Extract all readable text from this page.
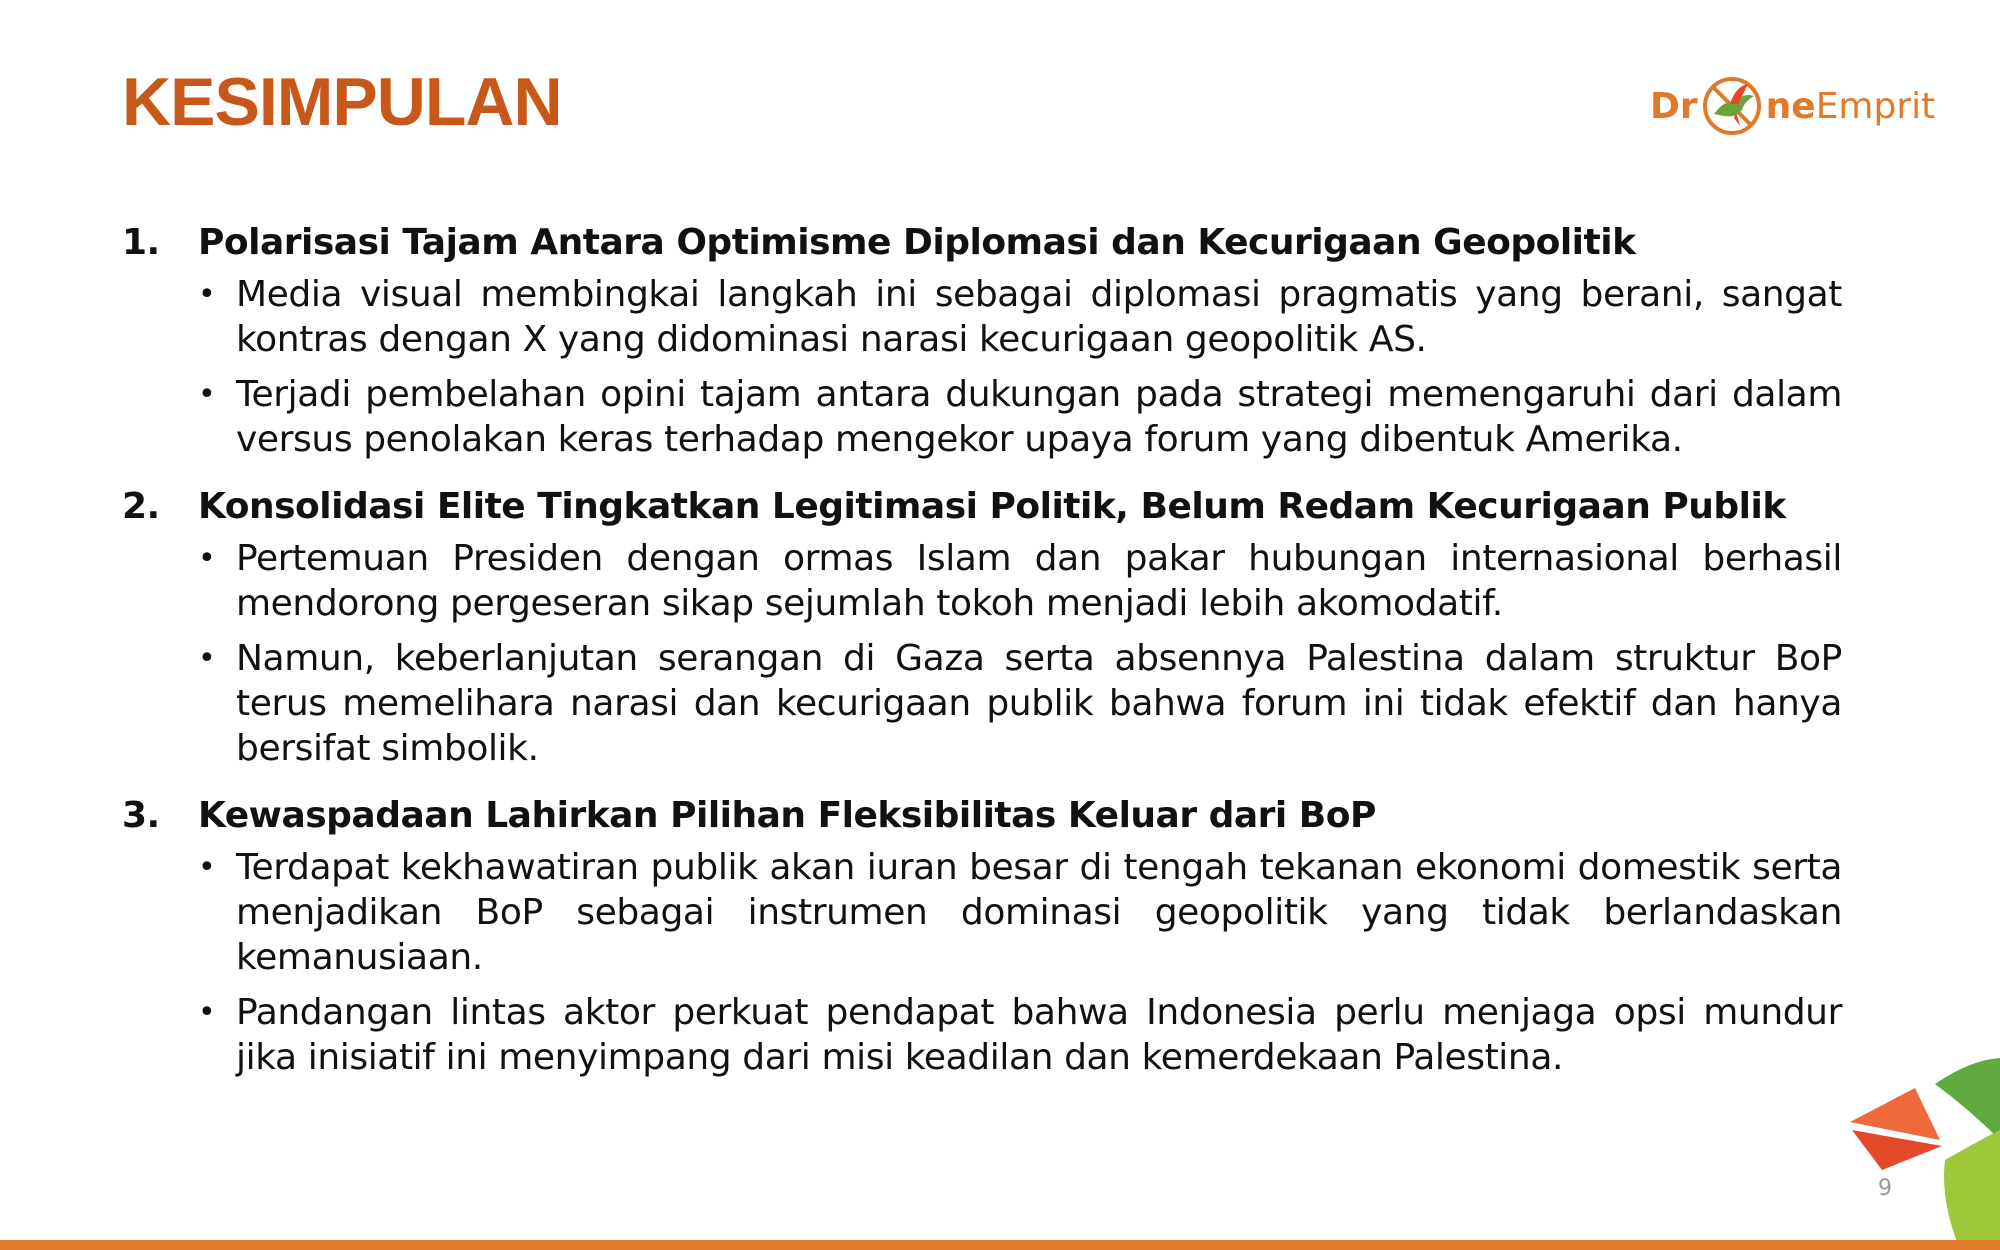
KESIMPULAN	Dr ne Emprit
1.	Polarisasi Tajam Antara Optimisme Diplomasi dan Kecurigaan Geopolitik
• Media visual membingkai langkah ini sebagai diplomasi pragmatis yang berani, sangat kontras dengan X yang didominasi narasi kecurigaan geopolitik AS.
• Terjadi pembelahan opini tajam antara dukungan pada strategi memengaruhi dari dalam versus penolakan keras terhadap mengekor upaya forum yang dibentuk Amerika.
2.	Konsolidasi Elite Tingkatkan Legitimasi Politik, Belum Redam Kecurigaan Publik
• Pertemuan Presiden dengan ormas Islam dan pakar hubungan internasional berhasil mendorong pergeseran sikap sejumlah tokoh menjadi lebih akomodatif.
• Namun, keberlanjutan serangan di Gaza serta absennya Palestina dalam struktur BoP terus memelihara narasi dan kecurigaan publik bahwa forum ini tidak efektif dan hanya bersifat simbolik.
3.	Kewaspadaan Lahirkan Pilihan Fleksibilitas Keluar dari BoP
• Terdapat kekhawatiran publik akan iuran besar di tengah tekanan ekonomi domestik serta menjadikan BoP sebagai instrumen dominasi geopolitik yang tidak berlandaskan kemanusiaan.
• Pandangan lintas aktor perkuat pendapat bahwa Indonesia perlu menjaga opsi mundur jika inisiatif ini menyimpang dari misi keadilan dan kemerdekaan Palestina.
9
